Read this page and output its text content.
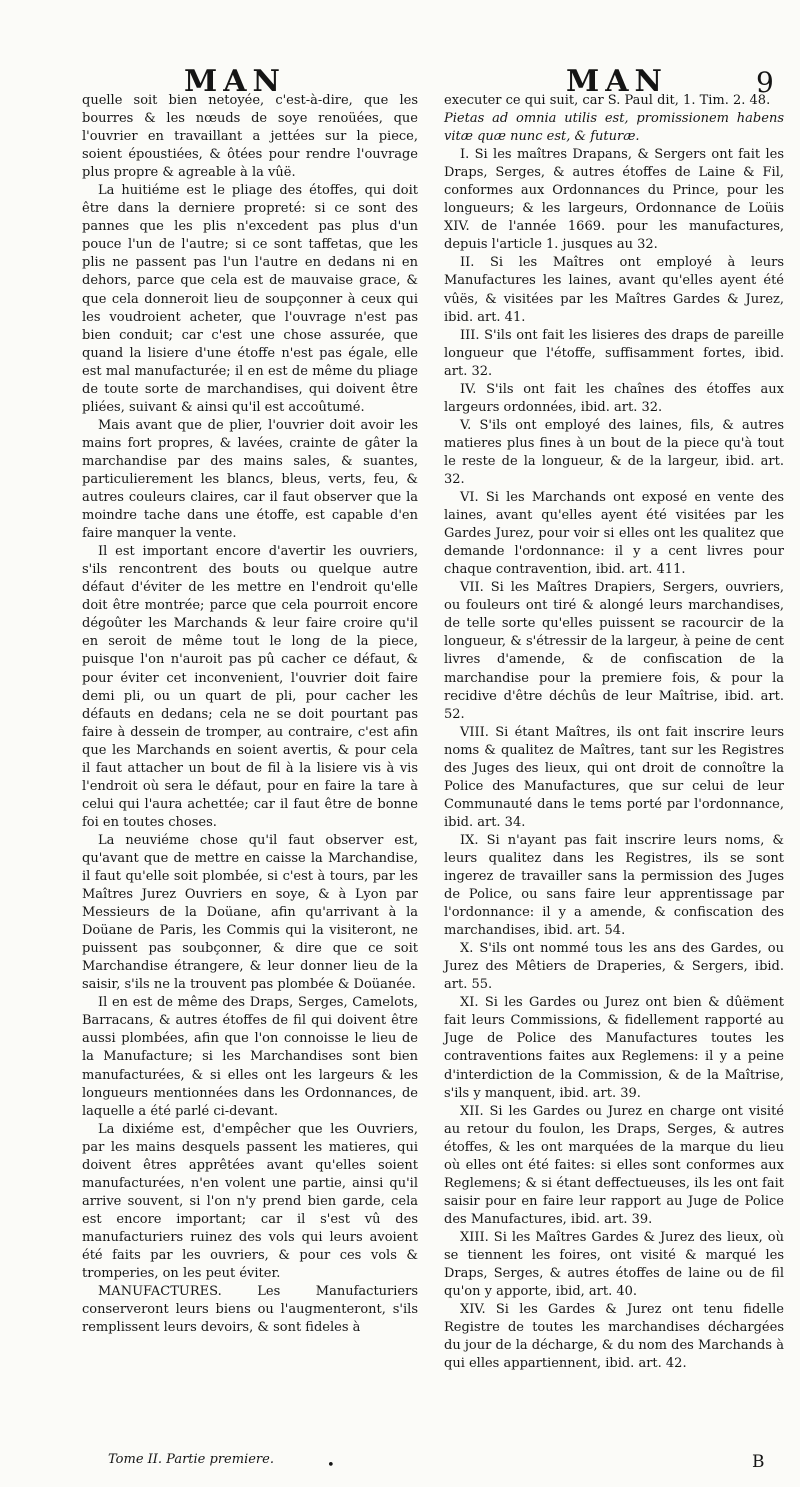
MAN	MAN	9

quelle soit bien netoyée, c'est-à-dire, que les bourres & les nœuds de soye renoüées, que l'ouvrier en travaillant a jettées sur la piece, soient époustiées, & ôtées pour rendre l'ouvrage plus propre & agreable à la vûë.

La huitiéme est le pliage des étoffes, qui doit être dans la derniere propreté: si ce sont des pannes que les plis n'excedent pas plus d'un pouce l'un de l'autre; si ce sont taffetas, que les plis ne passent pas l'un l'autre en dedans ni en dehors, parce que cela est de mauvaise grace, & que cela donneroit lieu de soupçonner à ceux qui les voudroient acheter, que l'ouvrage n'est pas bien conduit; car c'est une chose assurée, que quand la lisiere d'une étoffe n'est pas égale, elle est mal manufacturée; il en est de même du pliage de toute sorte de marchandises, qui doivent être pliées, suivant & ainsi qu'il est accoûtumé.

Mais avant que de plier, l'ouvrier doit avoir les mains fort propres, & lavées, crainte de gâter la marchandise par des mains sales, & suantes, particulierement les blancs, bleus, verts, feu, & autres couleurs claires, car il faut observer que la moindre tache dans une étoffe, est capable d'en faire manquer la vente.

Il est important encore d'avertir les ouvriers, s'ils rencontrent des bouts ou quelque autre défaut d'éviter de les mettre en l'endroit qu'elle doit être montrée; parce que cela pourroit encore dégoûter les Marchands & leur faire croire qu'il en seroit de même tout le long de la piece, puisque l'on n'auroit pas pû cacher ce défaut, & pour éviter cet inconvenient, l'ouvrier doit faire demi pli, ou un quart de pli, pour cacher les défauts en dedans; cela ne se doit pourtant pas faire à dessein de tromper, au contraire, c'est afin que les Marchands en soient avertis, & pour cela il faut attacher un bout de fil à la lisiere vis à vis l'endroit où sera le défaut, pour en faire la tare à celui qui l'aura achettée; car il faut être de bonne foi en toutes choses.

La neuviéme chose qu'il faut observer est, qu'avant que de mettre en caisse la Marchandise, il faut qu'elle soit plombée, si c'est à tours, par les Maîtres Jurez Ouvriers en soye, & à Lyon par Messieurs de la Doüane, afin qu'arrivant à la Doüane de Paris, les Commis qui la visiteront, ne puissent pas soubçonner, & dire que ce soit Marchandise étrangere, & leur donner lieu de la saisir, s'ils ne la trouvent pas plombée & Doüanée.

Il en est de même des Draps, Serges, Camelots, Barracans, & autres étoffes de fil qui doivent être aussi plombées, afin que l'on connoisse le lieu de la Manufacture; si les Marchandises sont bien manufacturées, & si elles ont les largeurs & les longueurs mentionnées dans les Ordonnances, de laquelle a été parlé ci-devant.

La dixiéme est, d'empêcher que les Ouvriers, par les mains desquels passent les matieres, qui doivent êtres apprêtées avant qu'elles soient manufacturées, n'en volent une partie, ainsi qu'il arrive souvent, si l'on n'y prend bien garde, cela est encore important; car il s'est vû des manufacturiers ruinez des vols qui leurs avoient été faits par les ouvriers, & pour ces vols & tromperies, on les peut éviter.

MANUFACTURES. Les Manufacturiers conserveront leurs biens ou l'augmenteront, s'ils remplissent leurs devoirs, & sont fideles à

executer ce qui suit, car S. Paul dit, 1. Tim. 2. 48.

Pietas ad omnia utilis est, promissionem habens vitæ quæ nunc est, & futuræ.

I. Si les maîtres Drapans, & Sergers ont fait les Draps, Serges, & autres étoffes de Laine & Fil, conformes aux Ordonnances du Prince, pour les longueurs; & les largeurs, Ordonnance de Loüis XIV. de l'année 1669. pour les manufactures, depuis l'article 1. jusques au 32.

II. Si les Maîtres ont employé à leurs Manufactures les laines, avant qu'elles ayent été vûës, & visitées par les Maîtres Gardes & Jurez, ibid. art. 41.

III. S'ils ont fait les lisieres des draps de pareille longueur que l'étoffe, suffisamment fortes, ibid. art. 32.

IV. S'ils ont fait les chaînes des étoffes aux largeurs ordonnées, ibid. art. 32.

V. S'ils ont employé des laines, fils, & autres matieres plus fines à un bout de la piece qu'à tout le reste de la longueur, & de la largeur, ibid. art. 32.

VI. Si les Marchands ont exposé en vente des laines, avant qu'elles ayent été visitées par les Gardes Jurez, pour voir si elles ont les qualitez que demande l'ordonnance: il y a cent livres pour chaque contravention, ibid. art. 411.

VII. Si les Maîtres Drapiers, Sergers, ouvriers, ou fouleurs ont tiré & alongé leurs marchandises, de telle sorte qu'elles puissent se racourcir de la longueur, & s'étressir de la largeur, à peine de cent livres d'amende, & de confiscation de la marchandise pour la premiere fois, & pour la recidive d'être déchûs de leur Maîtrise, ibid. art. 52.

VIII. Si étant Maîtres, ils ont fait inscrire leurs noms & qualitez de Maîtres, tant sur les Registres des Juges des lieux, qui ont droit de connoître la Police des Manufactures, que sur celui de leur Communauté dans le tems porté par l'ordonnance, ibid. art. 34.

IX. Si n'ayant pas fait inscrire leurs noms, & leurs qualitez dans les Registres, ils se sont ingerez de travailler sans la permission des Juges de Police, ou sans faire leur apprentissage par l'ordonnance: il y a amende, & confiscation des marchandises, ibid. art. 54.

X. S'ils ont nommé tous les ans des Gardes, ou Jurez des Mêtiers de Draperies, & Sergers, ibid. art. 55.

XI. Si les Gardes ou Jurez ont bien & dûëment fait leurs Commissions, & fidellement rapporté au Juge de Police des Manufactures toutes les contraventions faites aux Reglemens: il y a peine d'interdiction de la Commission, & de la Maîtrise, s'ils y manquent, ibid. art. 39.

XII. Si les Gardes ou Jurez en charge ont visité au retour du foulon, les Draps, Serges, & autres étoffes, & les ont marquées de la marque du lieu où elles ont été faites: si elles sont conformes aux Reglemens; & si étant deffectueuses, ils les ont fait saisir pour en faire leur rapport au Juge de Police des Manufactures, ibid. art. 39.

XIII. Si les Maîtres Gardes & Jurez des lieux, où se tiennent les foires, ont visité & marqué les Draps, Serges, & autres étoffes de laine ou de fil qu'on y apporte, ibid, art. 40.

XIV. Si les Gardes & Jurez ont tenu fidelle Registre de toutes les marchandises déchargées du jour de la décharge, & du nom des Marchands à qui elles appartiennent, ibid. art. 42.

Tome II. Partie premiere.	•	B
